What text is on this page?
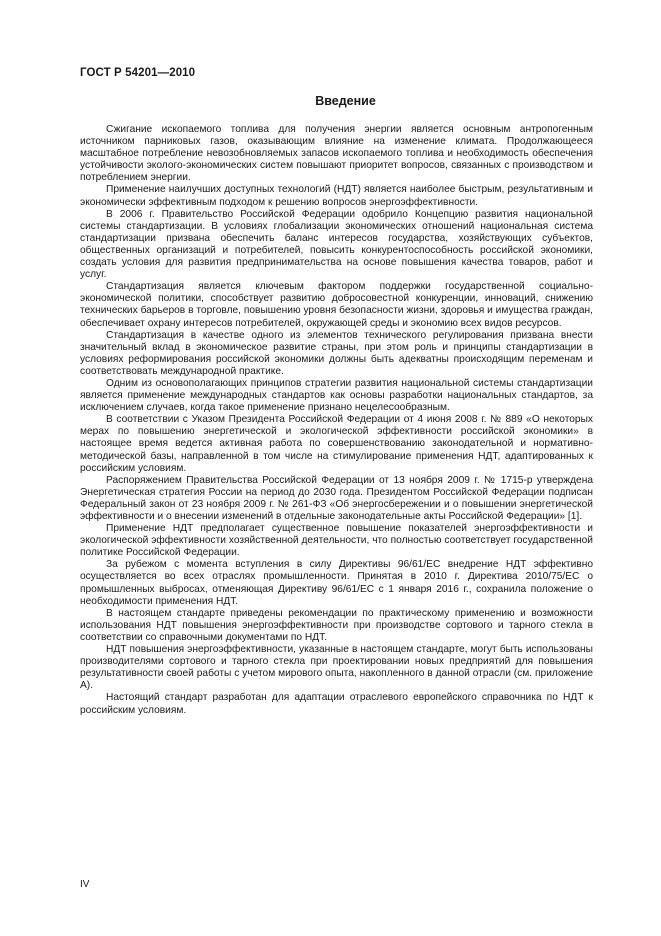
ГОСТ Р 54201—2010
Введение

Сжигание ископаемого топлива для получения энергии является основным антропогенным источником парниковых газов, оказывающим влияние на изменение климата. Продолжающееся масштабное потребление невозобновляемых запасов ископаемого топлива и необходимость обеспечения устойчивости эколого-экономических систем повышают приоритет вопросов, связанных с производством и потреблением энергии.

Применение наилучших доступных технологий (НДТ) является наиболее быстрым, результативным и экономически эффективным подходом к решению вопросов энергоэффективности.

В 2006 г. Правительство Российской Федерации одобрило Концепцию развития национальной системы стандартизации. В условиях глобализации экономических отношений национальная система стандартизации призвана обеспечить баланс интересов государства, хозяйствующих субъектов, общественных организаций и потребителей, повысить конкурентоспособность российской экономики, создать условия для развития предпринимательства на основе повышения качества товаров, работ и услуг.

Стандартизация является ключевым фактором поддержки государственной социально-экономической политики, способствует развитию добросовестной конкуренции, инноваций, снижению технических барьеров в торговле, повышению уровня безопасности жизни, здоровья и имущества граждан, обеспечивает охрану интересов потребителей, окружающей среды и экономию всех видов ресурсов.

Стандартизация в качестве одного из элементов технического регулирования призвана внести значительный вклад в экономическое развитие страны, при этом роль и принципы стандартизации в условиях реформирования российской экономики должны быть адекватны происходящим переменам и соответствовать международной практике.

Одним из основополагающих принципов стратегии развития национальной системы стандартизации является применение международных стандартов как основы разработки национальных стандартов, за исключением случаев, когда такое применение признано нецелесообразным.

В соответствии с Указом Президента Российской Федерации от 4 июня 2008 г. № 889 «О некоторых мерах по повышению энергетической и экологической эффективности российской экономики» в настоящее время ведется активная работа по совершенствованию законодательной и нормативно-методической базы, направленной в том числе на стимулирование применения НДТ, адаптированных к российским условиям.

Распоряжением Правительства Российской Федерации от 13 ноября 2009 г. № 1715-р утверждена Энергетическая стратегия России на период до 2030 года. Президентом Российской Федерации подписан Федеральный закон от 23 ноября 2009 г. № 261-ФЗ «Об энергосбережении и о повышении энергетической эффективности и о внесении изменений в отдельные законодательные акты Российской Федерации» [1].

Применение НДТ предполагает существенное повышение показателей энергоэффективности и экологической эффективности хозяйственной деятельности, что полностью соответствует государственной политике Российской Федерации.

За рубежом с момента вступления в силу Директивы 96/61/ЕС внедрение НДТ эффективно осуществляется во всех отраслях промышленности. Принятая в 2010 г. Директива 2010/75/ЕС о промышленных выбросах, отменяющая Директиву 96/61/ЕС с 1 января 2016 г., сохранила положение о необходимости применения НДТ.

В настоящем стандарте приведены рекомендации по практическому применению и возможности использования НДТ повышения энергоэффективности при производстве сортового и тарного стекла в соответствии со справочными документами по НДТ.

НДТ повышения энергоэффективности, указанные в настоящем стандарте, могут быть использованы производителями сортового и тарного стекла при проектировании новых предприятий для повышения результативности своей работы с учетом мирового опыта, накопленного в данной отрасли (см. приложение А).

Настоящий стандарт разработан для адаптации отраслевого европейского справочника по НДТ к российским условиям.

IV
